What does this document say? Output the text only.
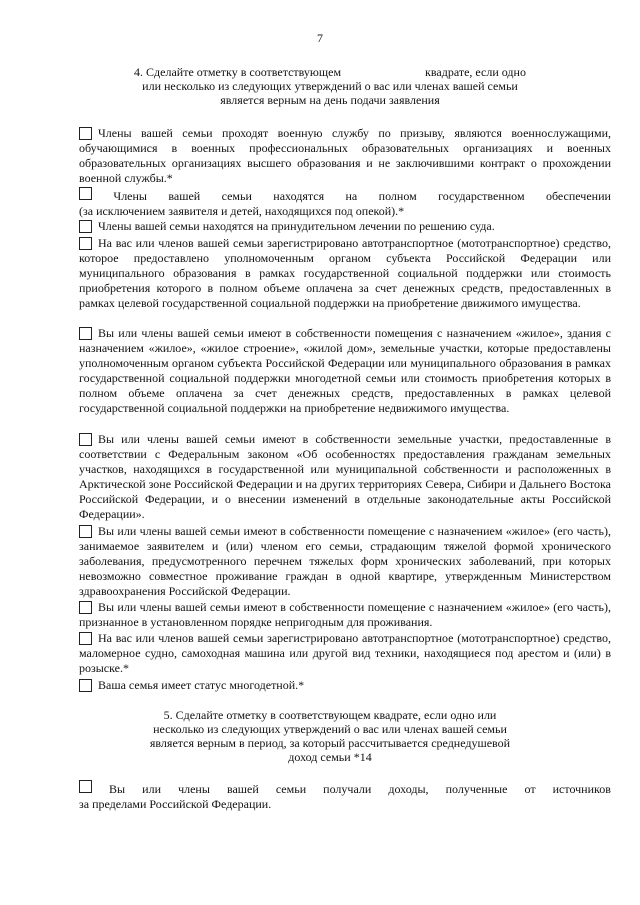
7
4. Сделайте отметку в соответствующем	квадрате, если одно
или несколько из следующих утверждений о вас или членах вашей семьи
является верным на день подачи заявления
Члены вашей семьи проходят военную службу по призыву, являются военнослужащими, обучающимися в военных профессиональных образовательных организациях и военных образовательных организациях высшего образования и не заключившими контракт о прохождении военной службы.*
Члены вашей семьи находятся на полном государственном обеспечении
(за исключением заявителя и детей, находящихся под опекой).*
Члены вашей семьи находятся на принудительном лечении по решению суда.
На вас или членов вашей семьи зарегистрировано автотранспортное (мототранспортное) средство, которое предоставлено уполномоченным органом субъекта Российской Федерации или муниципального образования в рамках государственной социальной поддержки или стоимость приобретения которого в полном объеме оплачена за счет денежных средств, предоставленных в рамках целевой государственной социальной поддержки на приобретение движимого имущества.
Вы или члены вашей семьи имеют в собственности помещения с назначением «жилое», здания с назначением «жилое», «жилое строение», «жилой дом», земельные участки, которые предоставлены уполномоченным органом субъекта Российской Федерации или муниципального образования в рамках государственной социальной поддержки многодетной семьи или стоимость приобретения которых в полном объеме оплачена за счет денежных средств, предоставленных в рамках целевой государственной социальной поддержки на приобретение недвижимого имущества.
Вы или члены вашей семьи имеют в собственности земельные участки, предоставленные в соответствии с Федеральным законом «Об особенностях предоставления гражданам земельных участков, находящихся в государственной или муниципальной собственности и расположенных в Арктической зоне Российской Федерации и на других территориях Севера, Сибири и Дальнего Востока Российской Федерации, и о внесении изменений в отдельные законодательные акты Российской Федерации».
Вы или члены вашей семьи имеют в собственности помещение с назначением «жилое» (его часть), занимаемое заявителем и (или) членом его семьи, страдающим тяжелой формой хронического заболевания, предусмотренного перечнем тяжелых форм хронических заболеваний, при которых невозможно совместное проживание граждан в одной квартире, утвержденным Министерством здравоохранения Российской Федерации.
Вы или члены вашей семьи имеют в собственности помещение с назначением «жилое» (его часть), признанное в установленном порядке непригодным для проживания.
На вас или членов вашей семьи зарегистрировано автотранспортное (мототранспортное) средство, маломерное судно, самоходная машина или другой вид техники, находящиеся под арестом и (или) в розыске.*
Ваша семья имеет статус многодетной.*
5. Сделайте отметку в соответствующем квадрате, если одно или
несколько из следующих утверждений о вас или членах вашей семьи
является верным в период, за который рассчитывается среднедушевой
доход семьи *14
Вы или члены вашей семьи получали доходы, полученные от источников
за пределами Российской Федерации.
